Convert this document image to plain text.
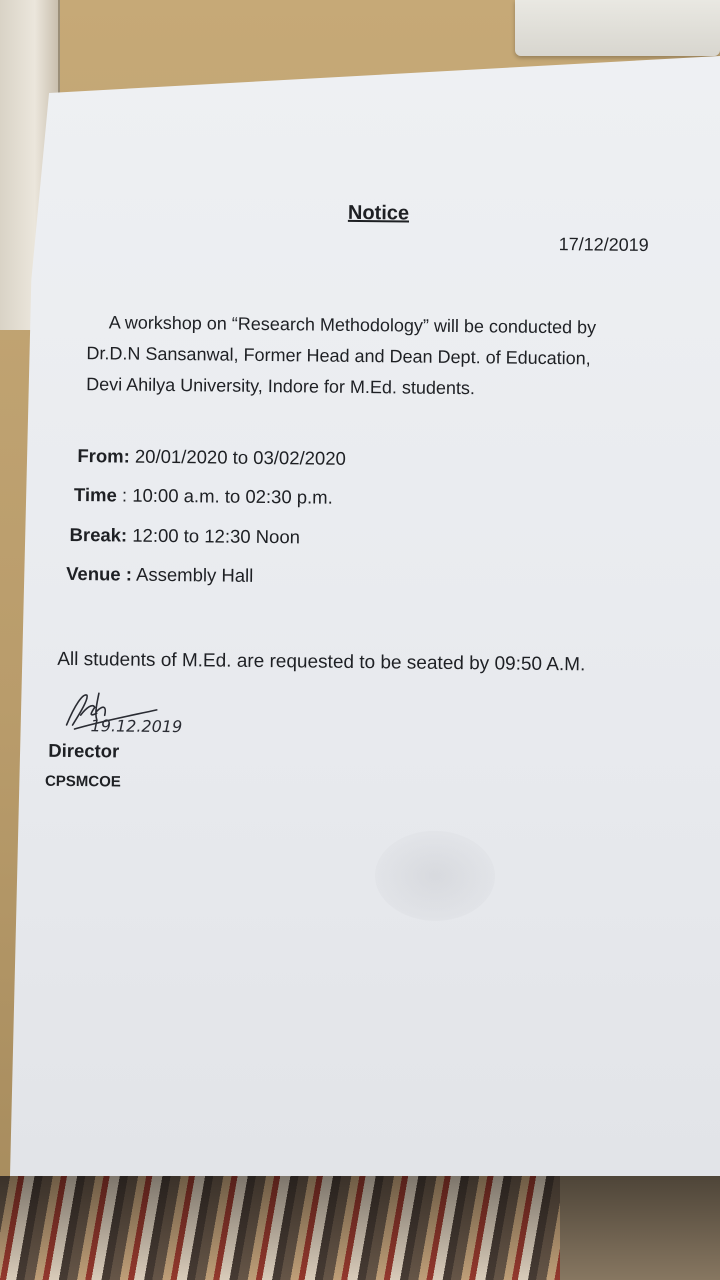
Notice
17/12/2019
A workshop on “Research Methodology” will be conducted by
Dr.D.N Sansanwal, Former Head and Dean Dept. of Education,
Devi Ahilya University, Indore for M.Ed. students.
From: 20/01/2020 to 03/02/2020
Time : 10:00 a.m. to 02:30 p.m.
Break: 12:00 to 12:30 Noon
Venue : Assembly Hall
All students of M.Ed. are requested to be seated by 09:50 A.M.
19.12.2019
Director
CPSMCOE
